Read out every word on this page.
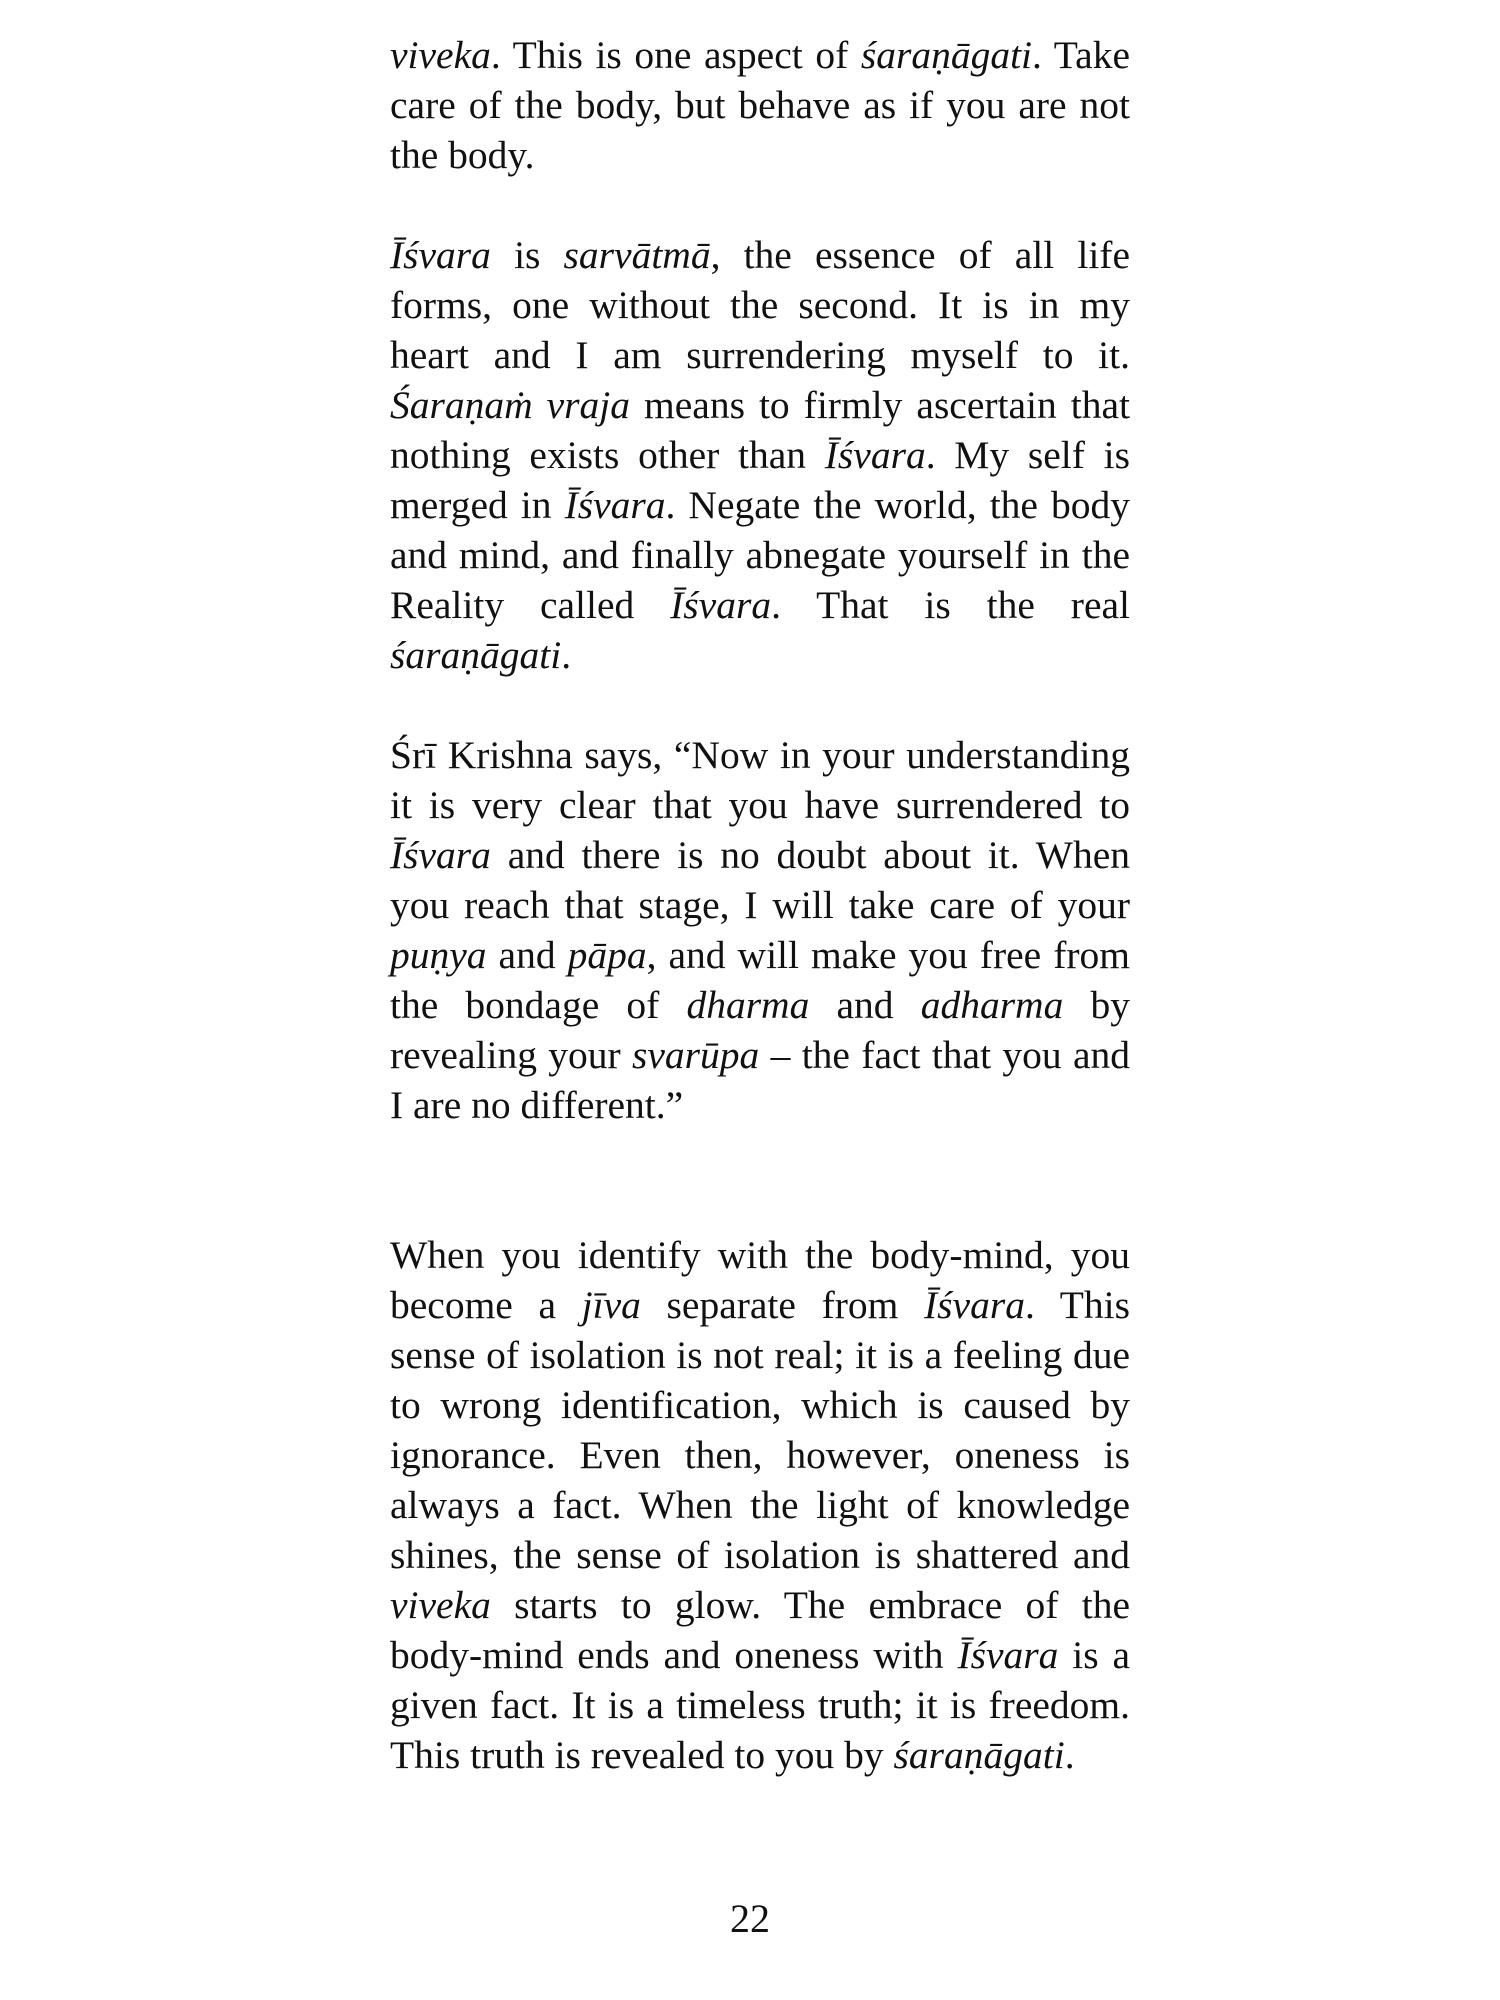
viveka. This is one aspect of śaraṇāgati. Take care of the body, but behave as if you are not the body.

Īśvara is sarvātmā, the essence of all life forms, one without the second. It is in my heart and I am surrendering myself to it. Śaraṇaṁ vraja means to firmly ascertain that nothing exists other than Īśvara. My self is merged in Īśvara. Negate the world, the body and mind, and finally abnegate yourself in the Reality called Īśvara. That is the real śaraṇāgati.

Śrī Krishna says, “Now in your understanding it is very clear that you have surrendered to Īśvara and there is no doubt about it. When you reach that stage, I will take care of your puṇya and pāpa, and will make you free from the bondage of dharma and adharma by revealing your svarūpa – the fact that you and I are no different.”

When you identify with the body-mind, you become a jīva separate from Īśvara. This sense of isolation is not real; it is a feeling due to wrong identification, which is caused by ignorance. Even then, however, oneness is always a fact. When the light of knowledge shines, the sense of isolation is shattered and viveka starts to glow. The embrace of the body-mind ends and oneness with Īśvara is a given fact. It is a timeless truth; it is freedom. This truth is revealed to you by śaraṇāgati.

22
